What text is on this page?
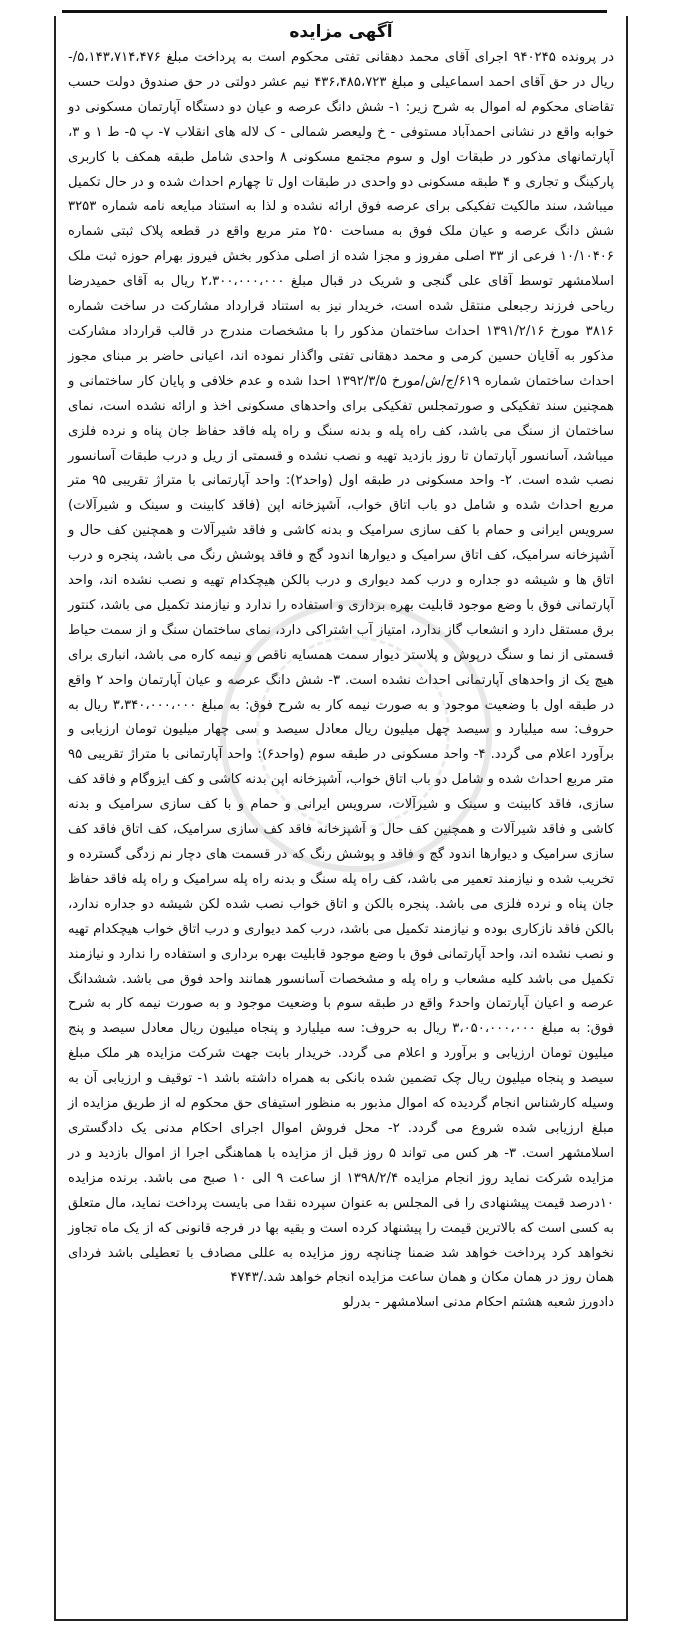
آگهی مزایده

در پرونده ۹۴۰۲۴۵ اجرای آقای محمد دهقانی تفتی محکوم است به پرداخت مبلغ ۵،۱۴۳،۷۱۴،۴۷۶/- ریال در حق آقای احمد اسماعیلی و مبلغ ۴۳۶،۴۸۵،۷۲۳ نیم عشر دولتی در حق صندوق دولت حسب تقاضای محکوم له اموال به شرح زیر: ۱- شش دانگ عرصه و عیان دو دستگاه آپارتمان مسکونی دو خوابه واقع در نشانی احمدآباد مستوفی - خ ولیعصر شمالی - ک لاله های انقلاب ۷- پ ۵- ط ۱ و ۳، آپارتمانهای مذکور در طبقات اول و سوم مجتمع مسکونی ۸ واحدی شامل طبقه همکف با کاربری پارکینگ و تجاری و ۴ طبقه مسکونی دو واحدی در طبقات اول تا چهارم احداث شده و در حال تکمیل میباشد، سند مالکیت تفکیکی برای عرصه فوق ارائه نشده و لذا به استناد مبایعه نامه شماره ۳۲۵۳ شش دانگ عرصه و عیان ملک فوق به مساحت ۲۵۰ متر مربع واقع در قطعه پلاک ثبتی شماره ۱۰/۱۰۴۰۶ فرعی از ۳۳ اصلی مفروز و مجزا شده از اصلی مذکور بخش فیروز بهرام حوزه ثبت ملک اسلامشهر توسط آقای علی گنجی و شریک در قبال مبلغ ۲،۳۰۰،۰۰۰،۰۰۰ ریال به آقای حمیدرضا ریاحی فرزند رجبعلی منتقل شده است، خریدار نیز به استناد قرارداد مشارکت در ساخت شماره ۳۸۱۶ مورخ ۱۳۹۱/۲/۱۶ احداث ساختمان مذکور را با مشخصات مندرج در قالب قرارداد مشارکت مذکور به آقایان حسین کرمی و محمد دهقانی تفتی واگذار نموده اند، اعیانی حاضر بر مبنای مجوز احداث ساختمان شماره ۶۱۹/ج/ش/مورخ ۱۳۹۲/۳/۵ احدا شده و عدم خلافی و پایان کار ساختمانی و همچنین سند تفکیکی و صورتمجلس تفکیکی برای واحدهای مسکونی اخذ و ارائه نشده است، نمای ساختمان از سنگ می باشد، کف راه پله و بدنه سنگ و راه پله فاقد حفاظ جان پناه و نرده فلزی میباشد، آسانسور آپارتمان تا روز بازدید تهیه و نصب نشده و قسمتی از ریل و درب طبقات آسانسور نصب شده است. ۲- واحد مسکونی در طبقه اول (واحد۲): واحد آپارتمانی با متراژ تقریبی ۹۵ متر مربع احداث شده و شامل دو باب اتاق خواب، آشپزخانه اپن (فاقد کابینت و سینک و شیرآلات) سرویس ایرانی و حمام با کف سازی سرامیک و بدنه کاشی و فاقد شیرآلات و همچنین کف حال و آشپزخانه سرامیک، کف اتاق سرامیک و دیوارها اندود گچ و فاقد پوشش رنگ می باشد، پنجره و درب اتاق ها و شیشه دو جداره و درب کمد دیواری و درب بالکن هیچکدام تهیه و نصب نشده اند، واحد آپارتمانی فوق با وضع موجود قابلیت بهره برداری و استفاده را ندارد و نیازمند تکمیل می باشد، کنتور برق مستقل دارد و انشعاب گاز ندارد، امتیاز آب اشتراکی دارد، نمای ساختمان سنگ و از سمت حیاط قسمتی از نما و سنگ درپوش و پلاستر دیوار سمت همسایه ناقص و نیمه کاره می باشد، انباری برای هیچ یک از واحدهای آپارتمانی احداث نشده است. ۳- شش دانگ عرصه و عیان آپارتمان واحد ۲ واقع در طبقه اول با وضعیت موجود و به صورت نیمه کار به شرح فوق: به مبلغ ۳،۳۴۰،۰۰۰،۰۰۰ ریال به حروف: سه میلیارد و سیصد چهل میلیون ریال معادل سیصد و سی چهار میلیون تومان ارزیابی و برآورد اعلام می گردد. ۴- واحد مسکونی در طبقه سوم (واحد۶): واحد آپارتمانی با متراژ تقریبی ۹۵ متر مربع احداث شده و شامل دو باب اتاق خواب، آشپزخانه اپن بدنه کاشی و کف ایزوگام و فاقد کف سازی، فاقد کابینت و سینک و شیرآلات، سرویس ایرانی و حمام و با کف سازی سرامیک و بدنه کاشی و فاقد شیرآلات و همچنین کف حال و آشپزخانه فاقد کف سازی سرامیک، کف اتاق فاقد کف سازی سرامیک و دیوارها اندود گچ و فاقد و پوشش رنگ که در قسمت های دچار نم زدگی گسترده و تخریب شده و نیازمند تعمیر می باشد، کف راه پله سنگ و بدنه راه پله سرامیک و راه پله فاقد حفاظ جان پناه و نرده فلزی می باشد. پنجره بالکن و اتاق خواب نصب شده لکن شیشه دو جداره ندارد، بالکن فاقد نازکاری بوده و نیازمند تکمیل می باشد، درب کمد دیواری و درب اتاق خواب هیچکدام تهیه و نصب نشده اند، واحد آپارتمانی فوق با وضع موجود قابلیت بهره برداری و استفاده را ندارد و نیازمند تکمیل می باشد کلیه مشعاب و راه پله و مشخصات آسانسور همانند واحد فوق می باشد. ششدانگ عرصه و اعیان آپارتمان واحد۶ واقع در طبقه سوم با وضعیت موجود و به صورت نیمه کار به شرح فوق: به مبلغ ۳،۰۵۰،۰۰۰،۰۰۰ ریال به حروف: سه میلیارد و پنجاه میلیون ریال معادل سیصد و پنج میلیون تومان ارزیابی و برآورد و اعلام می گردد. خریدار بابت جهت شرکت مزایده هر ملک مبلغ سیصد و پنجاه میلیون ریال چک تضمین شده بانکی به همراه داشته باشد ۱- توقیف و ارزیابی آن به وسیله کارشناس انجام گردیده که اموال مذبور به منظور استیفای حق محکوم له از طریق مزایده از مبلغ ارزیابی شده شروع می گردد. ۲- محل فروش اموال اجرای احکام مدنی یک دادگستری اسلامشهر است. ۳- هر کس می تواند ۵ روز قبل از مزایده با هماهنگی اجرا از اموال بازدید و در مزایده شرکت نماید روز انجام مزایده ۱۳۹۸/۲/۴ از ساعت ۹ الی ۱۰ صبح می باشد. برنده مزایده ۱۰درصد قیمت پیشنهادی را فی المجلس به عنوان سپرده نقدا می بایست پرداخت نماید، مال متعلق به کسی است که بالاترین قیمت را پیشنهاد کرده است و بقیه بها در فرجه قانونی که از یک ماه تجاوز نخواهد کرد پرداخت خواهد شد ضمنا چنانچه روز مزایده به عللی مصادف با تعطیلی باشد فردای همان روز در همان مکان و همان ساعت مزایده انجام خواهد شد./۴۷۴۳

دادورز شعبه هشتم احکام مدنی اسلامشهر - بدرلو
